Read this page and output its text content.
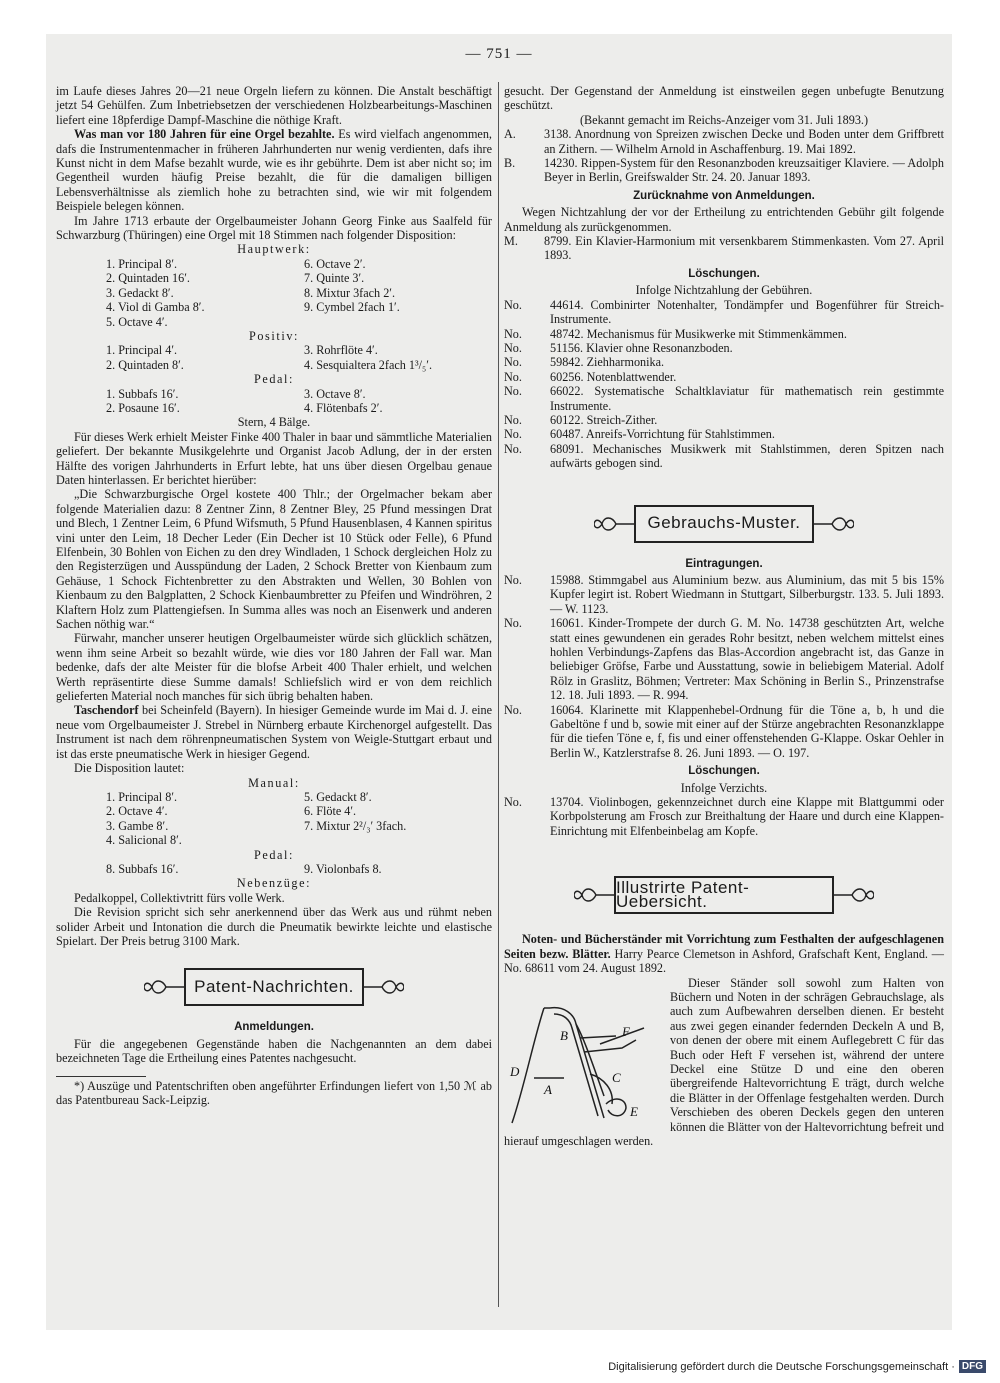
— 751 —

im Laufe dieses Jahres 20—21 neue Orgeln liefern zu können. Die Anstalt beschäftigt jetzt 54 Gehülfen. Zum Inbetriebsetzen der verschiedenen Holzbearbeitungs-Maschinen liefert eine 18pferdige Dampf-Maschine die nöthige Kraft.

Was man vor 180 Jahren für eine Orgel bezahlte. Es wird vielfach angenommen, dafs die Instrumentenmacher in früheren Jahrhunderten nur wenig verdienten, dafs ihre Kunst nicht in dem Mafse bezahlt wurde, wie es ihr gebührte. Dem ist aber nicht so; im Gegentheil wurden häufig Preise bezahlt, die für die damaligen billigen Lebensverhältnisse als ziemlich hohe zu betrachten sind, wie wir mit folgendem Beispiele belegen können.

Im Jahre 1713 erbaute der Orgelbaumeister Johann Georg Finke aus Saalfeld für Schwarzburg (Thüringen) eine Orgel mit 18 Stimmen nach folgender Disposition:

Hauptwerk:

1. Principal 8′.	6. Octave 2′.
2. Quintaden 16′.	7. Quinte 3′.
3. Gedackt 8′.	8. Mixtur 3fach 2′.
4. Viol di Gamba 8′.	9. Cymbel 2fach 1′.
5. Octave 4′.

Positiv:

1. Principal 4′.	3. Rohrflöte 4′.
2. Quintaden 8′.	4. Sesquialtera 2fach 1³/₅′.

Pedal:

1. Subbafs 16′.	3. Octave 8′.
2. Posaune 16′.	4. Flötenbafs 2′.

Stern, 4 Bälge.

Für dieses Werk erhielt Meister Finke 400 Thaler in baar und sämmtliche Materialien geliefert. Der bekannte Musikgelehrte und Organist Jacob Adlung, der in der ersten Hälfte des vorigen Jahrhunderts in Erfurt lebte, hat uns über diesen Orgelbau genaue Daten hinterlassen. Er berichtet hierüber:

„Die Schwarzburgische Orgel kostete 400 Thlr.; der Orgelmacher bekam aber folgende Materialien dazu: 8 Zentner Zinn, 8 Zentner Bley, 25 Pfund messingen Drat und Blech, 1 Zentner Leim, 6 Pfund Wifsmuth, 5 Pfund Hausenblasen, 4 Kannen spiritus vini unter den Leim, 18 Decher Leder (Ein Decher ist 10 Stück oder Felle), 6 Pfund Elfenbein, 30 Bohlen von Eichen zu den drey Windladen, 1 Schock dergleichen Holz zu den Registerzügen und Ausspündung der Laden, 2 Schock Bretter von Kienbaum zum Gehäuse, 1 Schock Fichtenbretter zu den Abstrakten und Wellen, 30 Bohlen von Kienbaum zu den Balgplatten, 2 Schock Kienbaumbretter zu Pfeifen und Windröhren, 2 Klaftern Holz zum Plattengiefsen. In Summa alles was noch an Eisenwerk und anderen Sachen nöthig war.“

Fürwahr, mancher unserer heutigen Orgelbaumeister würde sich glücklich schätzen, wenn ihm seine Arbeit so bezahlt würde, wie dies vor 180 Jahren der Fall war. Man bedenke, dafs der alte Meister für die blofse Arbeit 400 Thaler erhielt, und welchen Werth repräsentirte diese Summe damals! Schliefslich wird er von dem reichlich gelieferten Material noch manches für sich übrig behalten haben.

Taschendorf bei Scheinfeld (Bayern). In hiesiger Gemeinde wurde im Mai d. J. eine neue vom Orgelbaumeister J. Strebel in Nürnberg erbaute Kirchenorgel aufgestellt. Das Instrument ist nach dem röhrenpneumatischen System von Weigle-Stuttgart erbaut und ist das erste pneumatische Werk in hiesiger Gegend.

Die Disposition lautet:

Manual:

1. Principal 8′.	5. Gedackt 8′.
2. Octave 4′.	6. Flöte 4′.
3. Gambe 8′.	7. Mixtur 2²/₃′ 3fach.
4. Salicional 8′.

Pedal:

8. Subbafs 16′.	9. Violonbafs 8.

Nebenzüge:

Pedalkoppel, Collektivtritt fürs volle Werk.

Die Revision spricht sich sehr anerkennend über das Werk aus und rühmt neben solider Arbeit und Intonation die durch die Pneumatik bewirkte leichte und elastische Spielart. Der Preis betrug 3100 Mark.

Patent-Nachrichten.
Anmeldungen.

Für die angegebenen Gegenstände haben die Nachgenannten an dem dabei bezeichneten Tage die Ertheilung eines Patentes nachgesucht.

*) Auszüge und Patentschriften oben angeführter Erfindungen liefert von 1,50 ℳ ab das Patentbureau Sack-Leipzig.

gesucht. Der Gegenstand der Anmeldung ist einstweilen gegen unbefugte Benutzung geschützt.

(Bekannt gemacht im Reichs-Anzeiger vom 31. Juli 1893.)

A.	3138. Anordnung von Spreizen zwischen Decke und Boden unter dem Griffbrett an Zithern. — Wilhelm Arnold in Aschaffenburg. 19. Mai 1892.
B.	14230. Rippen-System für den Resonanzboden kreuzsaitiger Klaviere. — Adolph Beyer in Berlin, Greifswalder Str. 24. 20. Januar 1893.
Zurücknahme von Anmeldungen.

Wegen Nichtzahlung der vor der Ertheilung zu entrichtenden Gebühr gilt folgende Anmeldung als zurückgenommen.

M.	8799. Ein Klavier-Harmonium mit versenkbarem Stimmenkasten. Vom 27. April 1893.
Löschungen.

Infolge Nichtzahlung der Gebühren.

No.	44614. Combinirter Notenhalter, Tondämpfer und Bogenführer für Streich-Instrumente.
No.	48742. Mechanismus für Musikwerke mit Stimmenkämmen.
No.	51156. Klavier ohne Resonanzboden.
No.	59842. Ziehharmonika.
No.	60256. Notenblattwender.
No.	66022. Systematische Schaltklaviatur für mathematisch rein gestimmte Instrumente.
No.	60122. Streich-Zither.
No.	60487. Anreifs-Vorrichtung für Stahlstimmen.
No.	68091. Mechanisches Musikwerk mit Stahlstimmen, deren Spitzen nach aufwärts gebogen sind.
Gebrauchs-Muster.
Eintragungen.
No.	15988. Stimmgabel aus Aluminium bezw. aus Aluminium, das mit 5 bis 15% Kupfer legirt ist. Robert Wiedmann in Stuttgart, Silberburgstr. 133. 5. Juli 1893. — W. 1123.
No.	16061. Kinder-Trompete der durch G. M. No. 14738 geschützten Art, welche statt eines gewundenen ein gerades Rohr besitzt, neben welchem mittelst eines hohlen Verbindungs-Zapfens das Blas-Accordion angebracht ist, das Ganze in beliebiger Gröfse, Farbe und Ausstattung, sowie in beliebigem Material. Adolf Rölz in Graslitz, Böhmen; Vertreter: Max Schöning in Berlin S., Prinzenstrafse 12. 18. Juli 1893. — R. 994.
No.	16064. Klarinette mit Klappenhebel-Ordnung für die Töne a, b, h und die Gabeltöne f und b, sowie mit einer auf der Stürze angebrachten Resonanzklappe für die tiefen Töne e, f, fis und einer offenstehenden G-Klappe. Oskar Oehler in Berlin W., Katzlerstrafse 8. 26. Juni 1893. — O. 197.
Löschungen.

Infolge Verzichts.

No.	13704. Violinbogen, gekennzeichnet durch eine Klappe mit Blattgummi oder Korbpolsterung am Frosch zur Breithaltung der Haare und durch eine Klappen-Einrichtung mit Elfenbeinbelag am Kopfe.
Illustrirte Patent-Uebersicht.

Noten- und Bücherständer mit Vorrichtung zum Festhalten der aufgeschlagenen Seiten bezw. Blätter. Harry Pearce Clemetson in Ashford, Grafschaft Kent, England. — No. 68611 vom 24. August 1892.

D
B	F
A
C
E

Dieser Ständer soll sowohl zum Halten von Büchern und Noten in der schrägen Gebrauchslage, als auch zum Aufbewahren derselben dienen. Er besteht aus zwei gegen einander federnden Deckeln A und B, von denen der obere mit einem Auflegebrett C für das Buch oder Heft F versehen ist, während der untere Deckel eine Stütze D und eine den oberen übergreifende Haltevorrichtung E trägt, durch welche die Blätter in der Offenlage festgehalten werden. Durch Verschieben des oberen Deckels gegen den unteren können die Blätter von der Haltevorrichtung befreit und hierauf umgeschlagen werden.

Digitalisierung gefördert durch die Deutsche Forschungsgemeinschaft · DFG
